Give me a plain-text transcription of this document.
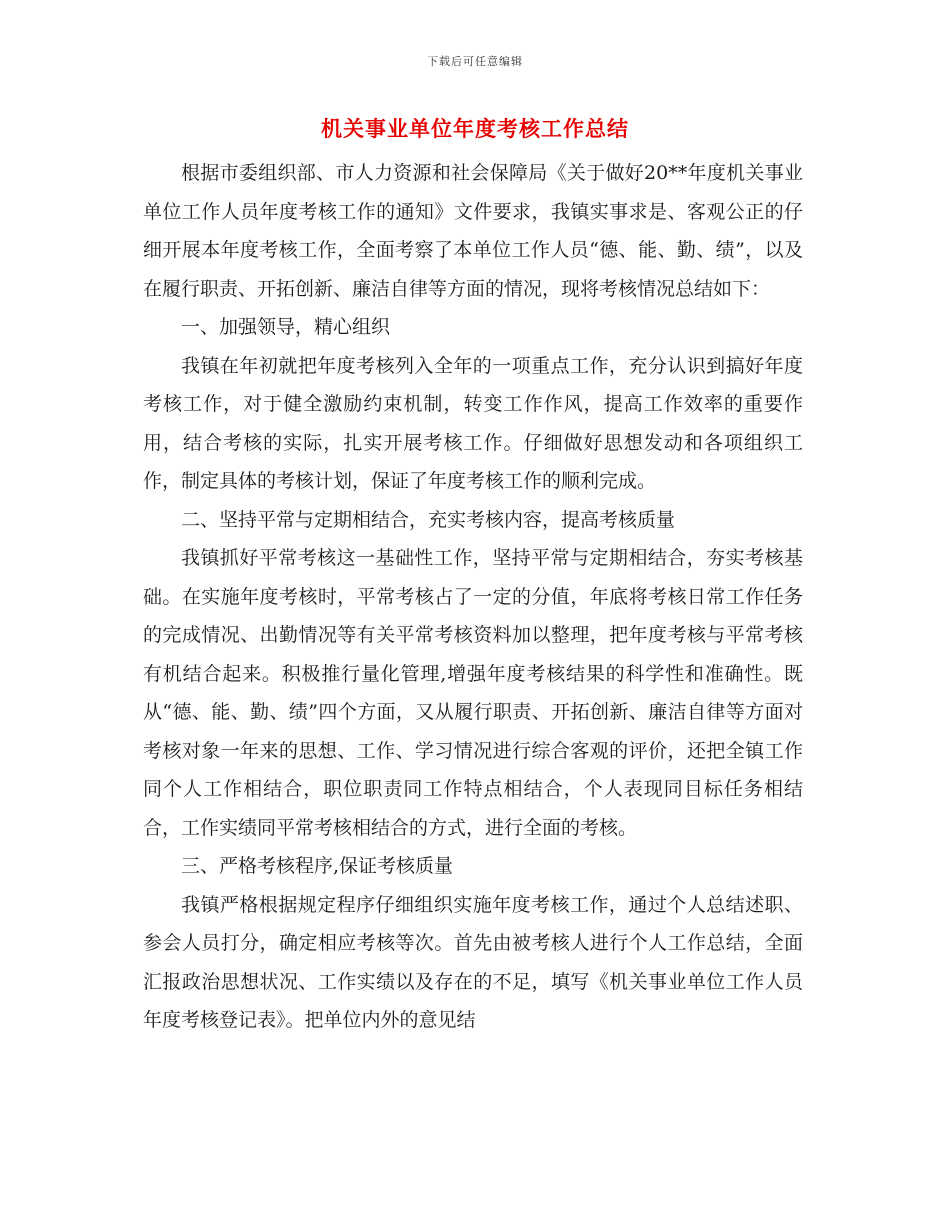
下载后可任意编辑
机关事业单位年度考核工作总结

根据市委组织部、市人力资源和社会保障局《关于做好20**年度机关事业单位工作人员年度考核工作的通知》文件要求，我镇实事求是、客观公正的仔细开展本年度考核工作，全面考察了本单位工作人员“德、能、勤、绩”，以及在履行职责、开拓创新、廉洁自律等方面的情况，现将考核情况总结如下：

一、加强领导，精心组织

我镇在年初就把年度考核列入全年的一项重点工作，充分认识到搞好年度考核工作，对于健全激励约束机制，转变工作作风，提高工作效率的重要作用，结合考核的实际，扎实开展考核工作。仔细做好思想发动和各项组织工作，制定具体的考核计划，保证了年度考核工作的顺利完成。

二、坚持平常与定期相结合，充实考核内容，提高考核质量

我镇抓好平常考核这一基础性工作，坚持平常与定期相结合，夯实考核基础。在实施年度考核时，平常考核占了一定的分值，年底将考核日常工作任务的完成情况、出勤情况等有关平常考核资料加以整理，把年度考核与平常考核有机结合起来。积极推行量化管理,增强年度考核结果的科学性和准确性。既从“德、能、勤、绩”四个方面，又从履行职责、开拓创新、廉洁自律等方面对考核对象一年来的思想、工作、学习情况进行综合客观的评价，还把全镇工作同个人工作相结合，职位职责同工作特点相结合，个人表现同目标任务相结合，工作实绩同平常考核相结合的方式，进行全面的考核。

三、严格考核程序,保证考核质量

我镇严格根据规定程序仔细组织实施年度考核工作，通过个人总结述职、参会人员打分，确定相应考核等次。首先由被考核人进行个人工作总结，全面汇报政治思想状况、工作实绩以及存在的不足，填写《机关事业单位工作人员年度考核登记表》。把单位内外的意见结
